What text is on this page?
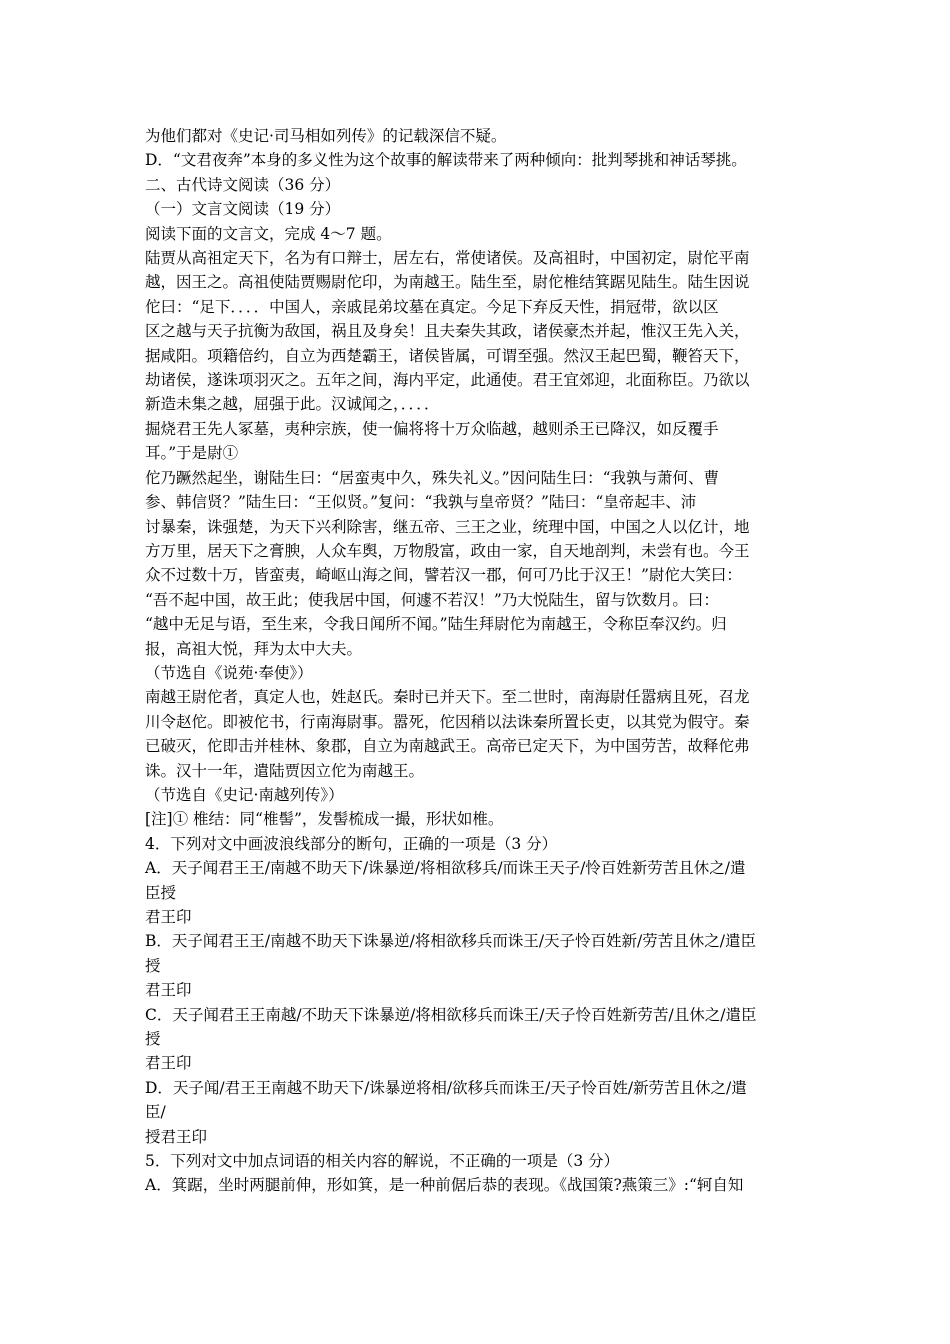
为他们都对《史记·司马相如列传》的记载深信不疑。

D．“文君夜奔”本身的多义性为这个故事的解读带来了两种倾向：批判琴挑和神话琴挑。

二、古代诗文阅读（36 分）

（一）文言文阅读（19 分）

阅读下面的文言文，完成 4～7 题。

陆贾从高祖定天下，名为有口辩士，居左右，常使诸侯。及高祖时，中国初定，尉佗平南

越，因王之。高祖使陆贾赐尉佗印，为南越王。陆生至，尉佗椎结箕踞见陆生。陆生因说

佗曰：“足下．．．．中国人，亲戚昆弟坟墓在真定。今足下弃反天性，捐冠带，欲以区

区之越与天子抗衡为敌国，祸且及身矣！且夫秦失其政，诸侯豪杰并起，惟汉王先入关，

据咸阳。项籍倍约，自立为西楚霸王，诸侯皆属，可谓至强。然汉王起巴蜀，鞭笞天下，

劫诸侯，遂诛项羽灭之。五年之间，海内平定，此通使。君王宜郊迎，北面称臣。乃欲以

新造未集之越，屈强于此。汉诚闻之，．．．．

掘烧君王先人冢墓，夷种宗族，使一偏将将十万众临越，越则杀王已降汉，如反覆手

耳。”于是尉①

佗乃蹶然起坐，谢陆生曰：“居蛮夷中久，殊失礼义。”因问陆生曰：“我孰与萧何、曹

参、韩信贤？”陆生曰：“王似贤。”复问：“我孰与皇帝贤？”陆曰：“皇帝起丰、沛

讨暴秦，诛强楚，为天下兴利除害，继五帝、三王之业，统理中国，中国之人以亿计，地

方万里，居天下之膏腴，人众车舆，万物殷富，政由一家，自天地剖判，未尝有也。今王

众不过数十万，皆蛮夷，崎岖山海之间，譬若汉一郡，何可乃比于汉王！”尉佗大笑曰：

“吾不起中国，故王此；使我居中国，何遽不若汉！”乃大悦陆生，留与饮数月。曰：

“越中无足与语，至生来，令我日闻所不闻。”陆生拜尉佗为南越王，令称臣奉汉约。归

报，高祖大悦，拜为太中大夫。

（节选自《说苑·奉使》）

南越王尉佗者，真定人也，姓赵氏。秦时已并天下。至二世时，南海尉任嚣病且死，召龙

川令赵佗。即被佗书，行南海尉事。嚣死，佗因稍以法诛秦所置长吏，以其党为假守。秦

已破灭，佗即击并桂林、象郡，自立为南越武王。高帝已定天下，为中国劳苦，故释佗弗

诛。汉十一年，遣陆贾因立佗为南越王。

（节选自《史记·南越列传》）

[注]① 椎结：同“椎髻”，发髻梳成一撮，形状如椎。

4．下列对文中画波浪线部分的断句，正确的一项是（3 分）

A．天子闻君王王/南越不助天下/诛暴逆/将相欲移兵/而诛王天子/怜百姓新劳苦且休之/遣

臣授

君王印

B．天子闻君王王/南越不助天下诛暴逆/将相欲移兵而诛王/天子怜百姓新/劳苦且休之/遣臣

授

君王印

C．天子闻君王王南越/不助天下诛暴逆/将相欲移兵而诛王/天子怜百姓新劳苦/且休之/遣臣

授

君王印

D．天子闻/君王王南越不助天下/诛暴逆将相/欲移兵而诛王/天子怜百姓/新劳苦且休之/遣

臣/

授君王印

5．下列对文中加点词语的相关内容的解说，不正确的一项是（3 分）

A．箕踞，坐时两腿前伸，形如箕，是一种前倨后恭的表现。《战国策?燕策三》:“轲自知
